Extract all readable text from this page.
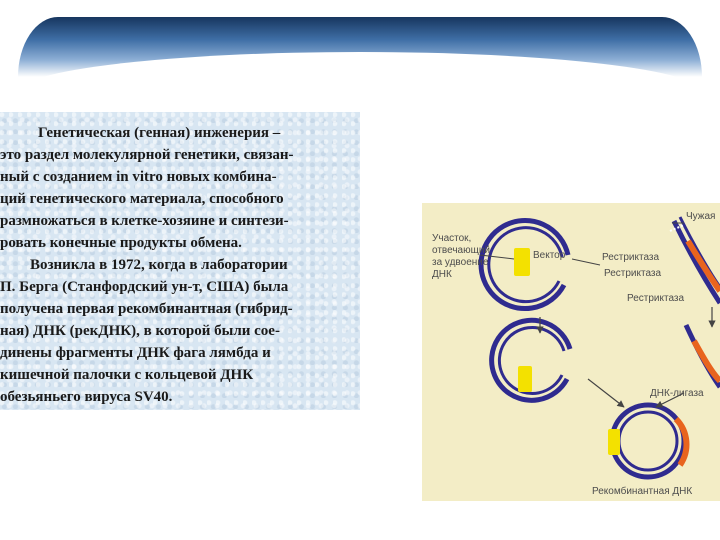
Генетическая (генная) инженерия –
это раздел молекулярной генетики, связан-
ный с созданием in vitro новых комбина-
ций генетического материала, способного
размножаться в клетке-хозяине и синтези-
ровать конечные продукты обмена.
Возникла в 1972, когда в лаборатории
П. Берга (Станфордский ун-т, США) была
получена первая рекомбинантная (гибрид-
ная) ДНК (рекДНК), в которой были сое-
динены фрагменты ДНК фага лямбда и
кишечной палочки с кольцевой ДНК
обезьяньего вируса SV40.
Участок,
отвечающий
за удвоение
ДНК
Вектор	Рестриктаза
Рестриктаза
Рестриктаза
Чужая
ДНК-лигаза
Рекомбинантная ДНК
